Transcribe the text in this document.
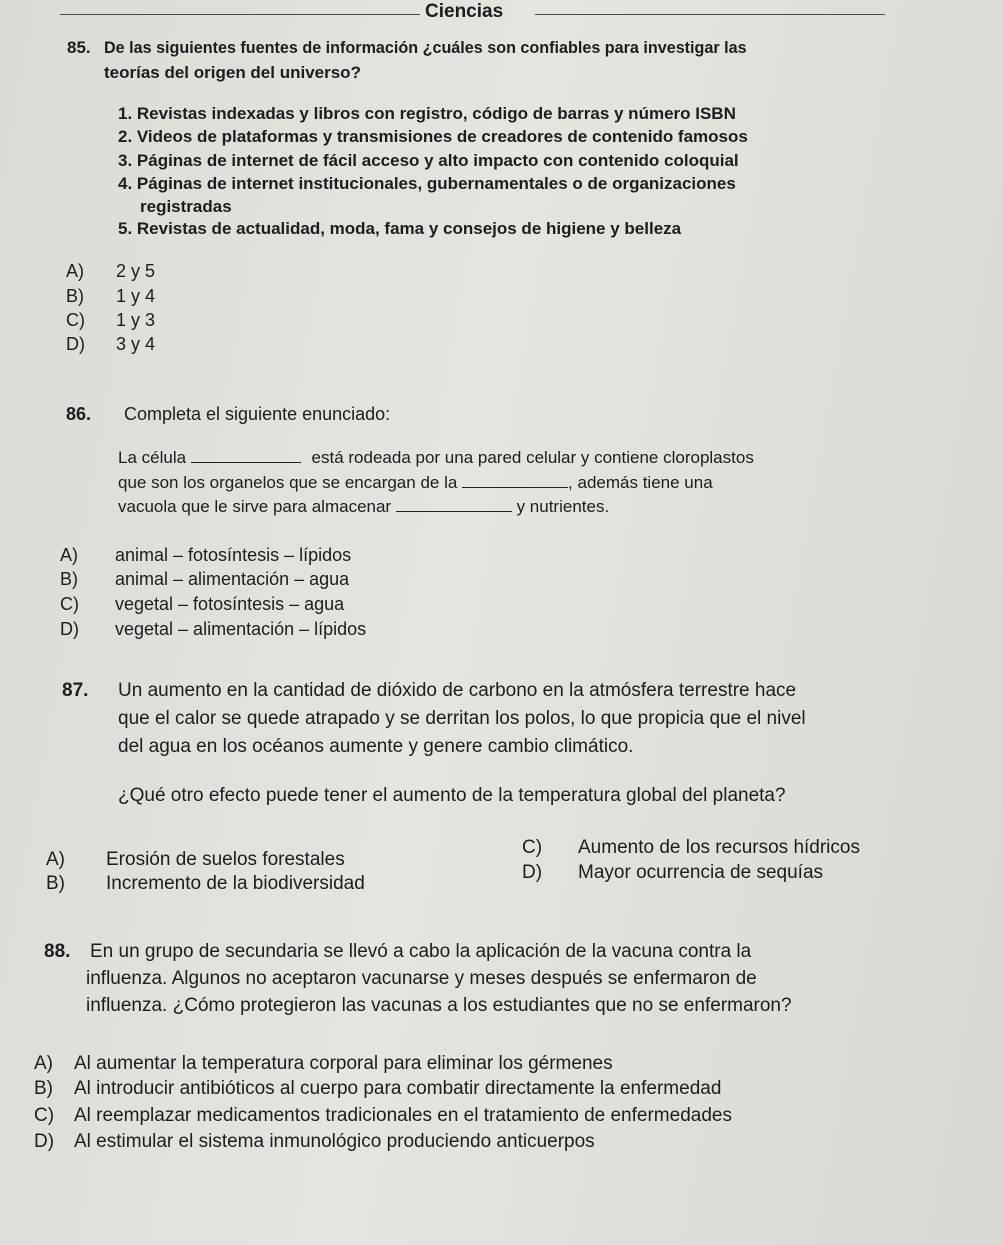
Ciencias
85. De las siguientes fuentes de información ¿cuáles son confiables para investigar las
teorías del origen del universo?
1. Revistas indexadas y libros con registro, código de barras y número ISBN
2. Videos de plataformas y transmisiones de creadores de contenido famosos
3. Páginas de internet de fácil acceso y alto impacto con contenido coloquial
4. Páginas de internet institucionales, gubernamentales o de organizaciones
registradas
5. Revistas de actualidad, moda, fama y consejos de higiene y belleza
A) 2 y 5
B) 1 y 4
C) 1 y 3
D) 3 y 4
86. Completa el siguiente enunciado:
La célula	está rodeada por una pared celular y contiene cloroplastos
que son los organelos que se encargan de la	, además tiene una
vacuola que le sirve para almacenar	y nutrientes.
A) animal – fotosíntesis – lípidos
B) animal – alimentación – agua
C) vegetal – fotosíntesis – agua
D) vegetal – alimentación – lípidos
87. Un aumento en la cantidad de dióxido de carbono en la atmósfera terrestre hace
que el calor se quede atrapado y se derritan los polos, lo que propicia que el nivel
del agua en los océanos aumente y genere cambio climático.
¿Qué otro efecto puede tener el aumento de la temperatura global del planeta?
A) Erosión de suelos forestales
B) Incremento de la biodiversidad
C) Aumento de los recursos hídricos
D) Mayor ocurrencia de sequías
88. En un grupo de secundaria se llevó a cabo la aplicación de la vacuna contra la
influenza. Algunos no aceptaron vacunarse y meses después se enfermaron de
influenza. ¿Cómo protegieron las vacunas a los estudiantes que no se enfermaron?
A) Al aumentar la temperatura corporal para eliminar los gérmenes
B) Al introducir antibióticos al cuerpo para combatir directamente la enfermedad
C) Al reemplazar medicamentos tradicionales en el tratamiento de enfermedades
D) Al estimular el sistema inmunológico produciendo anticuerpos
